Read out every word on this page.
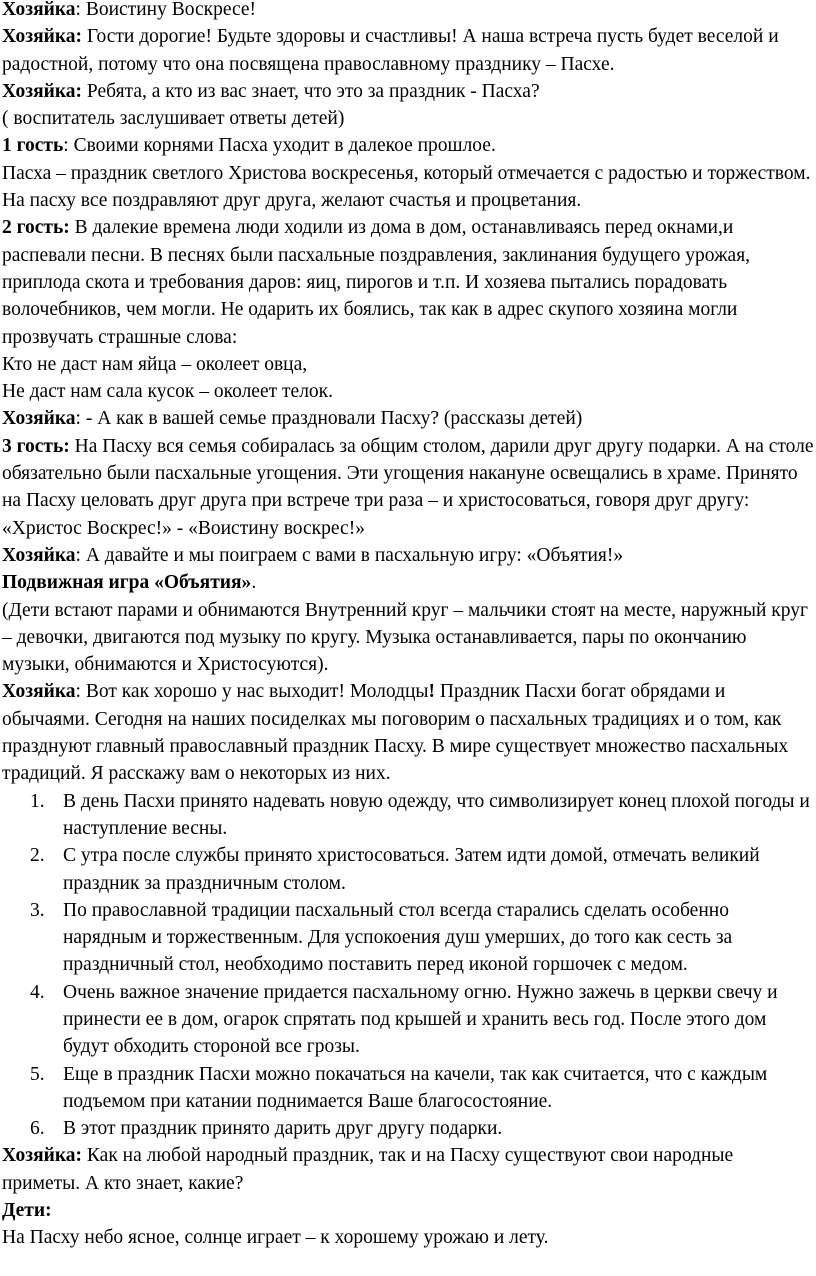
Хозяйка: Воистину Воскресе!

Хозяйка: Гости дорогие! Будьте здоровы и счастливы! А наша встреча пусть будет веселой и радостной, потому что она посвящена православному празднику – Пасхе.

Хозяйка: Ребята, а кто из вас знает, что это за праздник - Пасха?

( воспитатель заслушивает ответы детей)

1 гость: Своими корнями Пасха уходит в далекое прошлое.

Пасха – праздник светлого Христова воскресенья, который отмечается с радостью и торжеством. На пасху все поздравляют друг друга, желают счастья и процветания.

2 гость: В далекие времена люди ходили из дома в дом, останавливаясь перед окнами,и распевали песни. В песнях были пасхальные поздравления, заклинания будущего урожая, приплода скота и требования даров: яиц, пирогов и т.п. И хозяева пытались порадовать волочебников, чем могли. Не одарить их боялись, так как в адрес скупого хозяина могли прозвучать страшные слова:

Кто не даст нам яйца – околеет овца,

Не даст нам сала кусок – околеет телок.

Хозяйка: - А как в вашей семье праздновали Пасху? (рассказы детей)

3 гость: На Пасху вся семья собиралась за общим столом, дарили друг другу подарки. А на столе обязательно были пасхальные угощения. Эти угощения накануне освещались в храме. Принято на Пасху целовать друг друга при встрече три раза – и христосоваться, говоря друг другу: «Христос Воскрес!» - «Воистину воскрес!»

Хозяйка: А давайте и мы поиграем с вами в пасхальную игру: «Объятия!»

Подвижная игра «Объятия».

(Дети встают парами и обнимаются Внутренний круг – мальчики стоят на месте, наружный круг – девочки, двигаются под музыку по кругу. Музыка останавливается, пары по окончанию музыки, обнимаются и Христосуются).

Хозяйка: Вот как хорошо у нас выходит! Молодцы! Праздник Пасхи богат обрядами и обычаями. Сегодня на наших посиделках мы поговорим о пасхальных традициях и о том, как празднуют главный православный праздник Пасху. В мире существует множество пасхальных традиций. Я расскажу вам о некоторых из них.

1. В день Пасхи принято надевать новую одежду, что символизирует конец плохой погоды и наступление весны.
2. С утра после службы принято христосоваться. Затем идти домой, отмечать великий праздник за праздничным столом.
3. По православной традиции пасхальный стол всегда старались сделать особенно нарядным и торжественным. Для успокоения душ умерших, до того как сесть за праздничный стол, необходимо поставить перед иконой горшочек с медом.
4. Очень важное значение придается пасхальному огню. Нужно зажечь в церкви свечу и принести ее в дом, огарок спрятать под крышей и хранить весь год. После этого дом будут обходить стороной все грозы.
5. Еще в праздник Пасхи можно покачаться на качели, так как считается, что с каждым подъемом при катании поднимается Ваше благосостояние.
6. В этот праздник принято дарить друг другу подарки.

Хозяйка: Как на любой народный праздник, так и на Пасху существуют свои народные приметы. А кто знает, какие?

Дети:

На Пасху небо ясное, солнце играет – к хорошему урожаю и лету.
